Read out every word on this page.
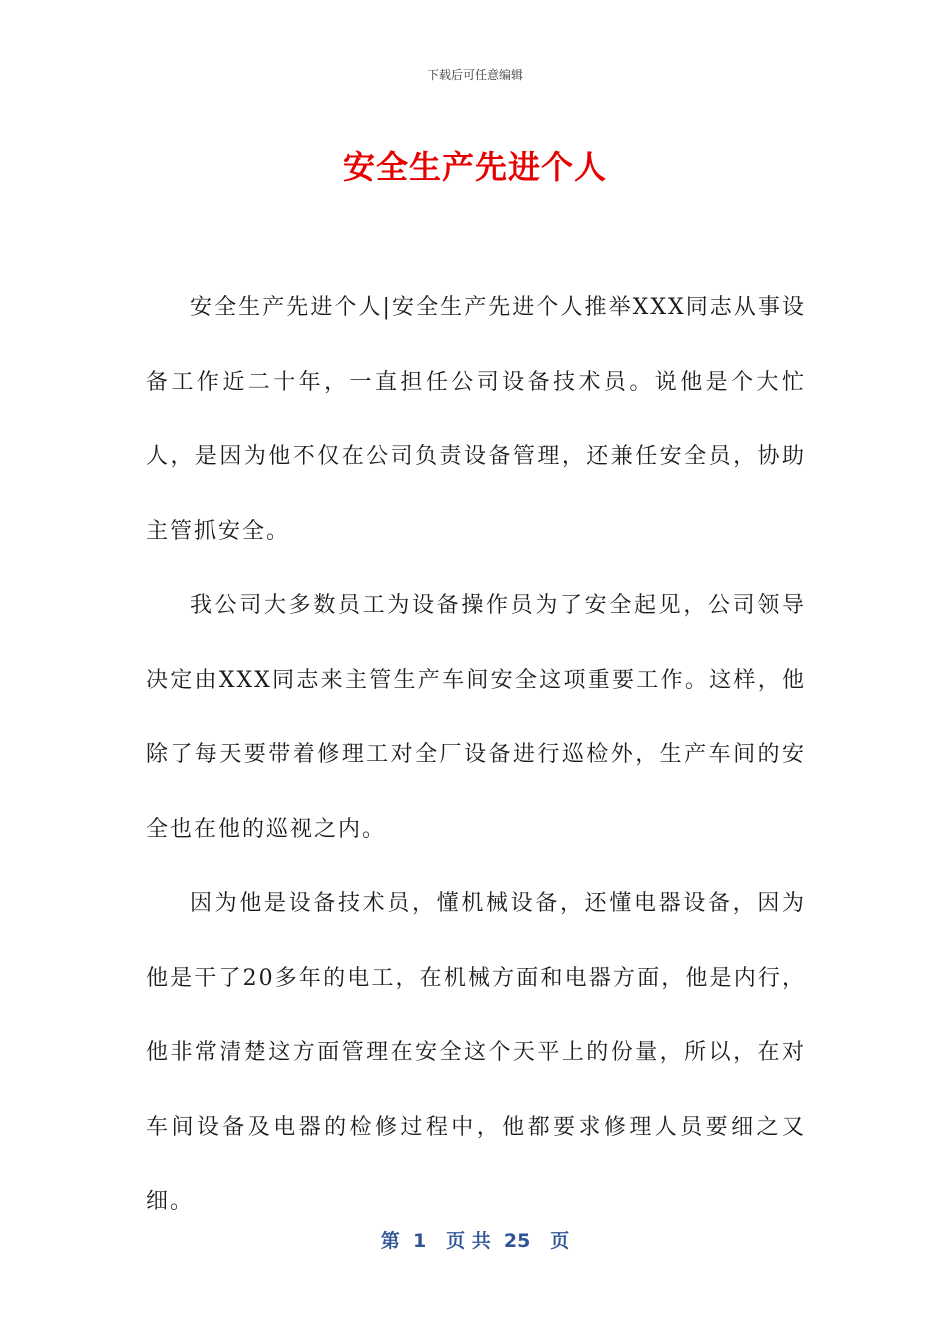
下载后可任意编辑
安全生产先进个人

安全生产先进个人|安全生产先进个人推举XXX同志从事设备工作近二十年，一直担任公司设备技术员。说他是个大忙人，是因为他不仅在公司负责设备管理，还兼任安全员，协助主管抓安全。

我公司大多数员工为设备操作员为了安全起见，公司领导决定由XXX同志来主管生产车间安全这项重要工作。这样，他除了每天要带着修理工对全厂设备进行巡检外，生产车间的安全也在他的巡视之内。

因为他是设备技术员，懂机械设备，还懂电器设备，因为他是干了20多年的电工，在机械方面和电器方面，他是内行，他非常清楚这方面管理在安全这个天平上的份量，所以，在对车间设备及电器的检修过程中，他都要求修理人员要细之又细。

第  1   页 共  25   页
